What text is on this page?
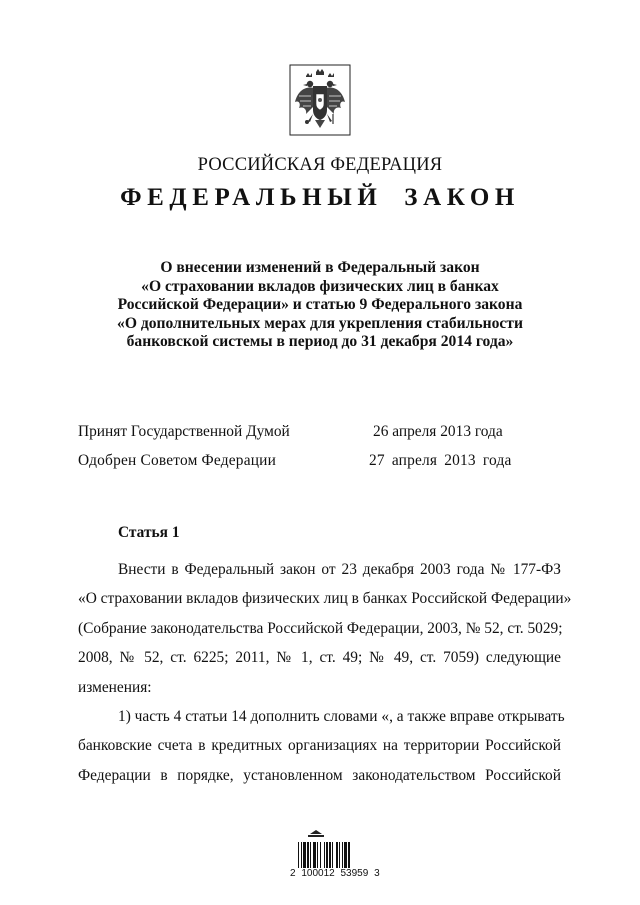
РОССИЙСКАЯ ФЕДЕРАЦИЯ
ФЕДЕРАЛЬНЫЙ ЗАКОН
О внесении изменений в Федеральный закон
«О страховании вкладов физических лиц в банках
Российской Федерации» и статью 9 Федерального закона
«О дополнительных мерах для укрепления стабильности
банковской системы в период до 31 декабря 2014 года»
Принят Государственной Думой	26 апреля 2013 года
Одобрен Советом Федерации	27 апреля 2013 года
Статья 1
Внести в Федеральный закон от 23 декабря 2003 года № 177-ФЗ
«О страховании вкладов физических лиц в банках Российской Федерации»
(Собрание законодательства Российской Федерации, 2003, № 52, ст. 5029;
2008, № 52, ст. 6225; 2011, № 1, ст. 49; № 49, ст. 7059) следующие
изменения:
1) часть 4 статьи 14 дополнить словами «, а также вправе открывать
банковские счета в кредитных организациях на территории Российской
Федерации в порядке, установленном законодательством Российской
2 100012 53959 3
